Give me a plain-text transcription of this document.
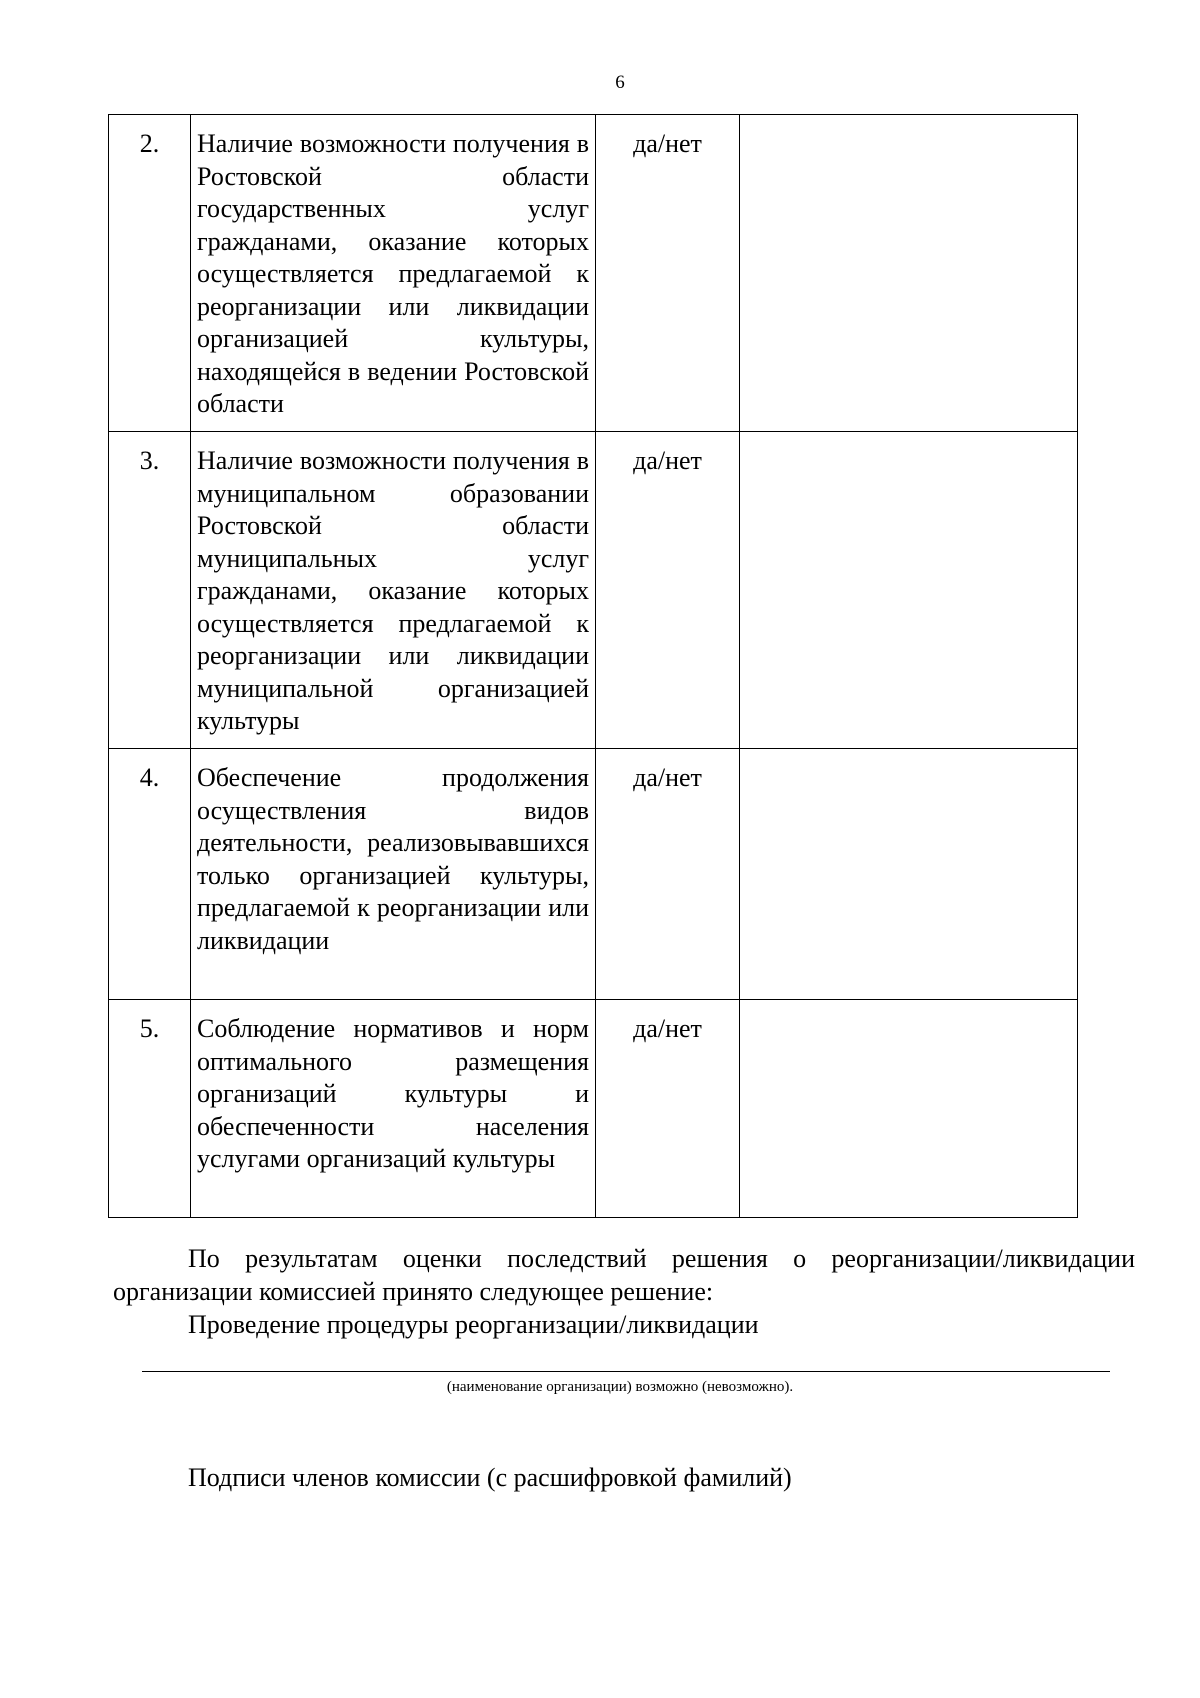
6
2.	Наличие возможности получения в Ростовской области государственных услуг гражданами, оказание которых осуществляется предлагаемой к реорганизации или ликвидации организацией культуры, находящейся в ведении Ростовской области	да/нет	
3.	Наличие возможности получения в муниципальном образовании Ростовской области муниципальных услуг гражданами, оказание которых осуществляется предлагаемой к реорганизации или ликвидации муниципальной организацией культуры	да/нет	
4.	Обеспечение продолжения осуществления видов деятельности, реализовывавшихся только организацией культуры, предлагаемой к реорганизации или ликвидации	да/нет	
5.	Соблюдение нормативов и норм оптимального размещения организаций культуры и обеспеченности населения услугами организаций культуры	да/нет	

По результатам оценки последствий решения о реорганизации/ликвидации организации комиссией принято следующее решение:

Проведение процедуры реорганизации/ликвидации

(наименование организации) возможно (невозможно).

Подписи членов комиссии (с расшифровкой фамилий)
